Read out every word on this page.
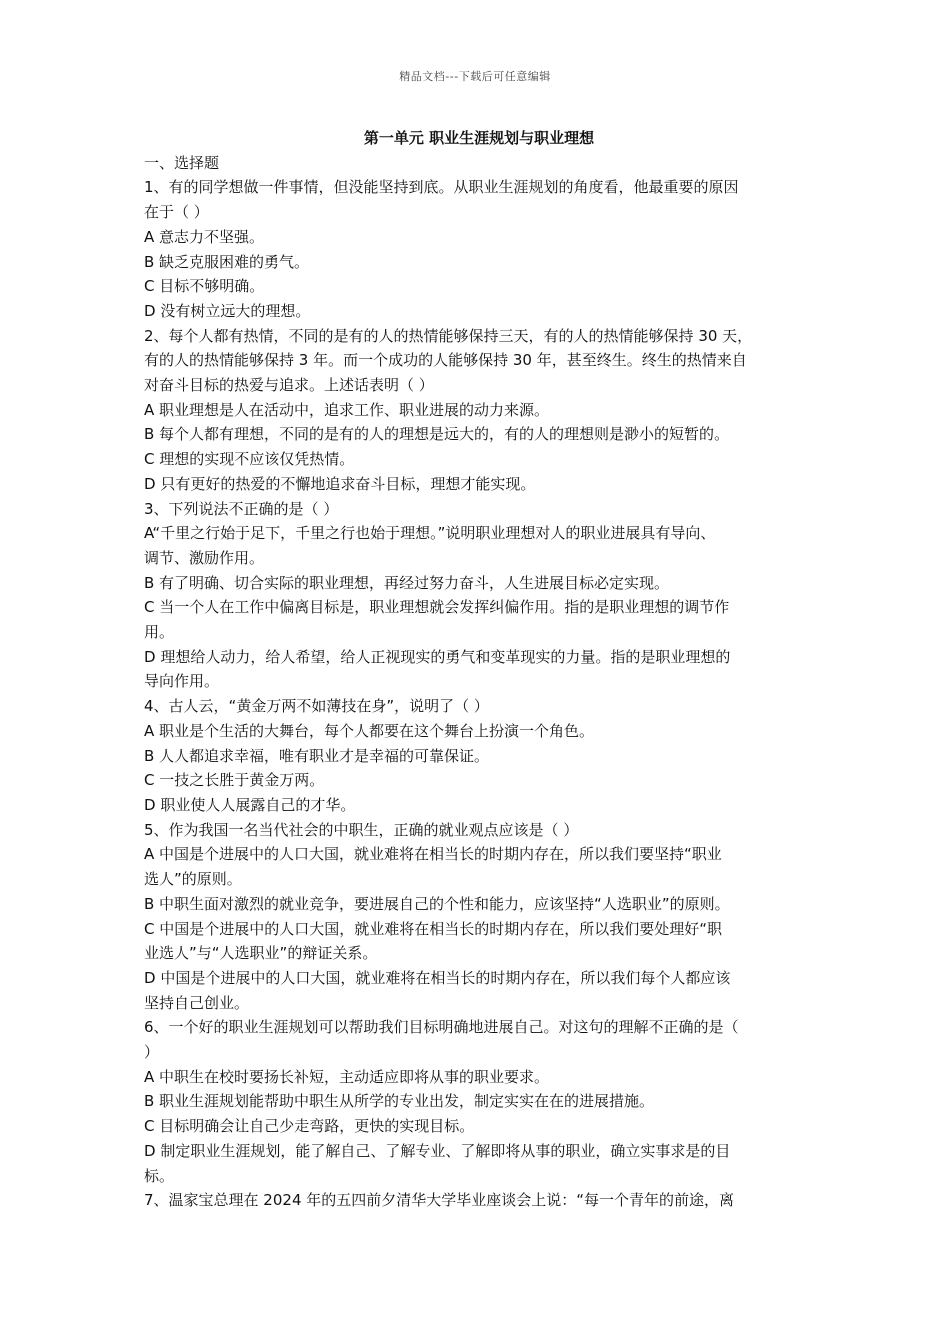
精品文档---下载后可任意编辑
第一单元 职业生涯规划与职业理想

一、选择题

1、有的同学想做一件事情，但没能坚持到底。从职业生涯规划的角度看，他最重要的原因

在于（ ）

A 意志力不坚强。

B 缺乏克服困难的勇气。

C 目标不够明确。

D 没有树立远大的理想。

2、每个人都有热情，不同的是有的人的热情能够保持三天，有的人的热情能够保持 30 天，

有的人的热情能够保持 3 年。而一个成功的人能够保持 30 年，甚至终生。终生的热情来自

对奋斗目标的热爱与追求。上述话表明（ ）

A 职业理想是人在活动中，追求工作、职业进展的动力来源。

B 每个人都有理想，不同的是有的人的理想是远大的，有的人的理想则是渺小的短暂的。

C 理想的实现不应该仅凭热情。

D 只有更好的热爱的不懈地追求奋斗目标，理想才能实现。

3、下列说法不正确的是（ ）

A“千里之行始于足下，千里之行也始于理想。”说明职业理想对人的职业进展具有导向、

调节、激励作用。

B 有了明确、切合实际的职业理想，再经过努力奋斗，人生进展目标必定实现。

C 当一个人在工作中偏离目标是，职业理想就会发挥纠偏作用。指的是职业理想的调节作

用。

D 理想给人动力，给人希望，给人正视现实的勇气和变革现实的力量。指的是职业理想的

导向作用。

4、古人云，“黄金万两不如薄技在身”，说明了（ ）

A 职业是个生活的大舞台，每个人都要在这个舞台上扮演一个角色。

B 人人都追求幸福，唯有职业才是幸福的可靠保证。

C 一技之长胜于黄金万两。

D 职业使人人展露自己的才华。

5、作为我国一名当代社会的中职生，正确的就业观点应该是（ ）

A 中国是个进展中的人口大国，就业难将在相当长的时期内存在，所以我们要坚持“职业

选人”的原则。

B 中职生面对激烈的就业竞争，要进展自己的个性和能力，应该坚持“人选职业”的原则。

C 中国是个进展中的人口大国，就业难将在相当长的时期内存在，所以我们要处理好“职

业选人”与“人选职业”的辩证关系。

D 中国是个进展中的人口大国，就业难将在相当长的时期内存在，所以我们每个人都应该

坚持自己创业。

6、一个好的职业生涯规划可以帮助我们目标明确地进展自己。对这句的理解不正确的是（

）

A 中职生在校时要扬长补短，主动适应即将从事的职业要求。

B 职业生涯规划能帮助中职生从所学的专业出发，制定实实在在的进展措施。

C 目标明确会让自己少走弯路，更快的实现目标。

D 制定职业生涯规划，能了解自己、了解专业、了解即将从事的职业，确立实事求是的目

标。

7、温家宝总理在 2024 年的五四前夕清华大学毕业座谈会上说：“每一个青年的前途，离
